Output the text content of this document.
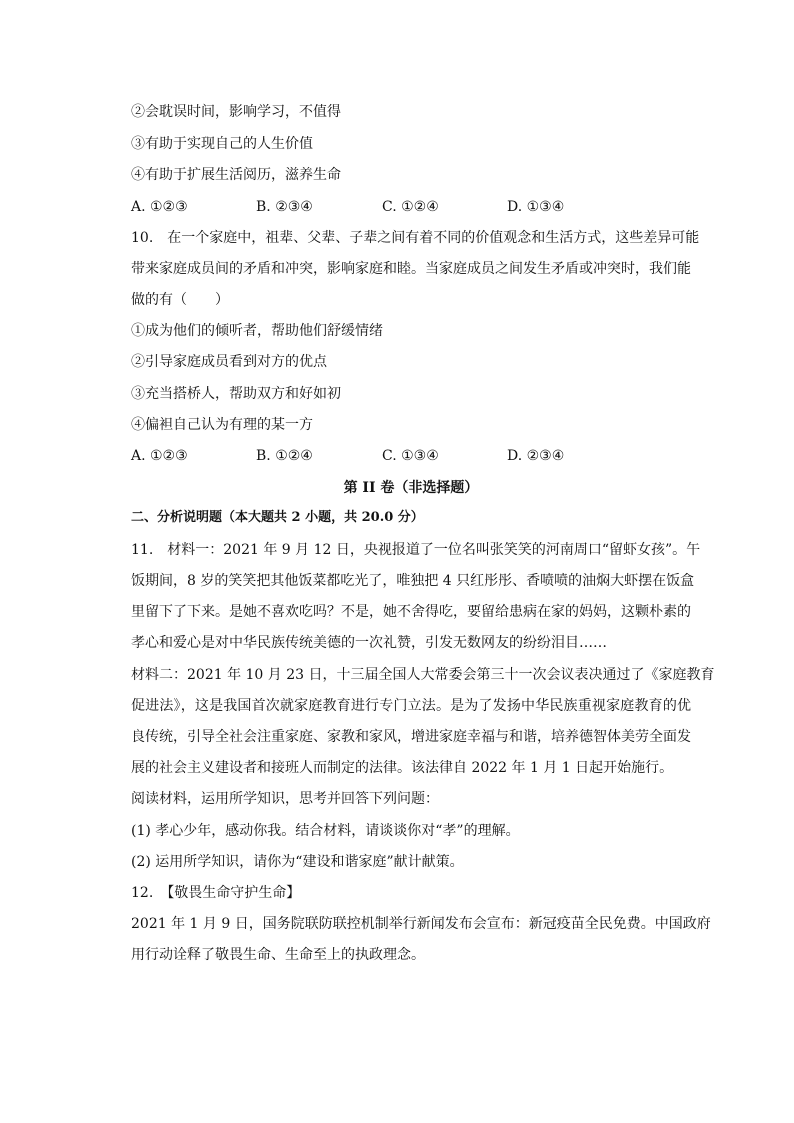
②会耽误时间，影响学习，不值得
③有助于实现自己的人生价值
④有助于扩展生活阅历，滋养生命
A. ①②③	B. ②③④	C. ①②④	D. ①③④
10.　在一个家庭中，祖辈、父辈、子辈之间有着不同的价值观念和生活方式，这些差异可能
带来家庭成员间的矛盾和冲突，影响家庭和睦。当家庭成员之间发生矛盾或冲突时，我们能
做的有（　　）
①成为他们的倾听者，帮助他们舒缓情绪
②引导家庭成员看到对方的优点
③充当搭桥人，帮助双方和好如初
④偏袒自己认为有理的某一方
A. ①②③	B. ①②④	C. ①③④	D. ②③④
第 II 卷（非选择题）
二、分析说明题（本大题共 2 小题，共 20.0 分）
11.　材料一：2021 年 9 月 12 日，央视报道了一位名叫张笑笑的河南周口“留虾女孩”。午
饭期间，8 岁的笑笑把其他饭菜都吃光了，唯独把 4 只红彤彤、香喷喷的油焖大虾摆在饭盒
里留下了下来。是她不喜欢吃吗？不是，她不舍得吃，要留给患病在家的妈妈，这颗朴素的
孝心和爱心是对中华民族传统美德的一次礼赞，引发无数网友的纷纷泪目……
材料二：2021 年 10 月 23 日，十三届全国人大常委会第三十一次会议表决通过了《家庭教育
促进法》，这是我国首次就家庭教育进行专门立法。是为了发扬中华民族重视家庭教育的优
良传统，引导全社会注重家庭、家教和家风，增进家庭幸福与和谐，培养德智体美劳全面发
展的社会主义建设者和接班人而制定的法律。该法律自 2022 年 1 月 1 日起开始施行。
阅读材料，运用所学知识，思考并回答下列问题：
(1) 孝心少年，感动你我。结合材料，请谈谈你对“孝”的理解。
(2) 运用所学知识，请你为“建设和谐家庭”献计献策。
12.　【敬畏生命守护生命】
2021 年 1 月 9 日，国务院联防联控机制举行新闻发布会宣布：新冠疫苗全民免费。中国政府
用行动诠释了敬畏生命、生命至上的执政理念。
